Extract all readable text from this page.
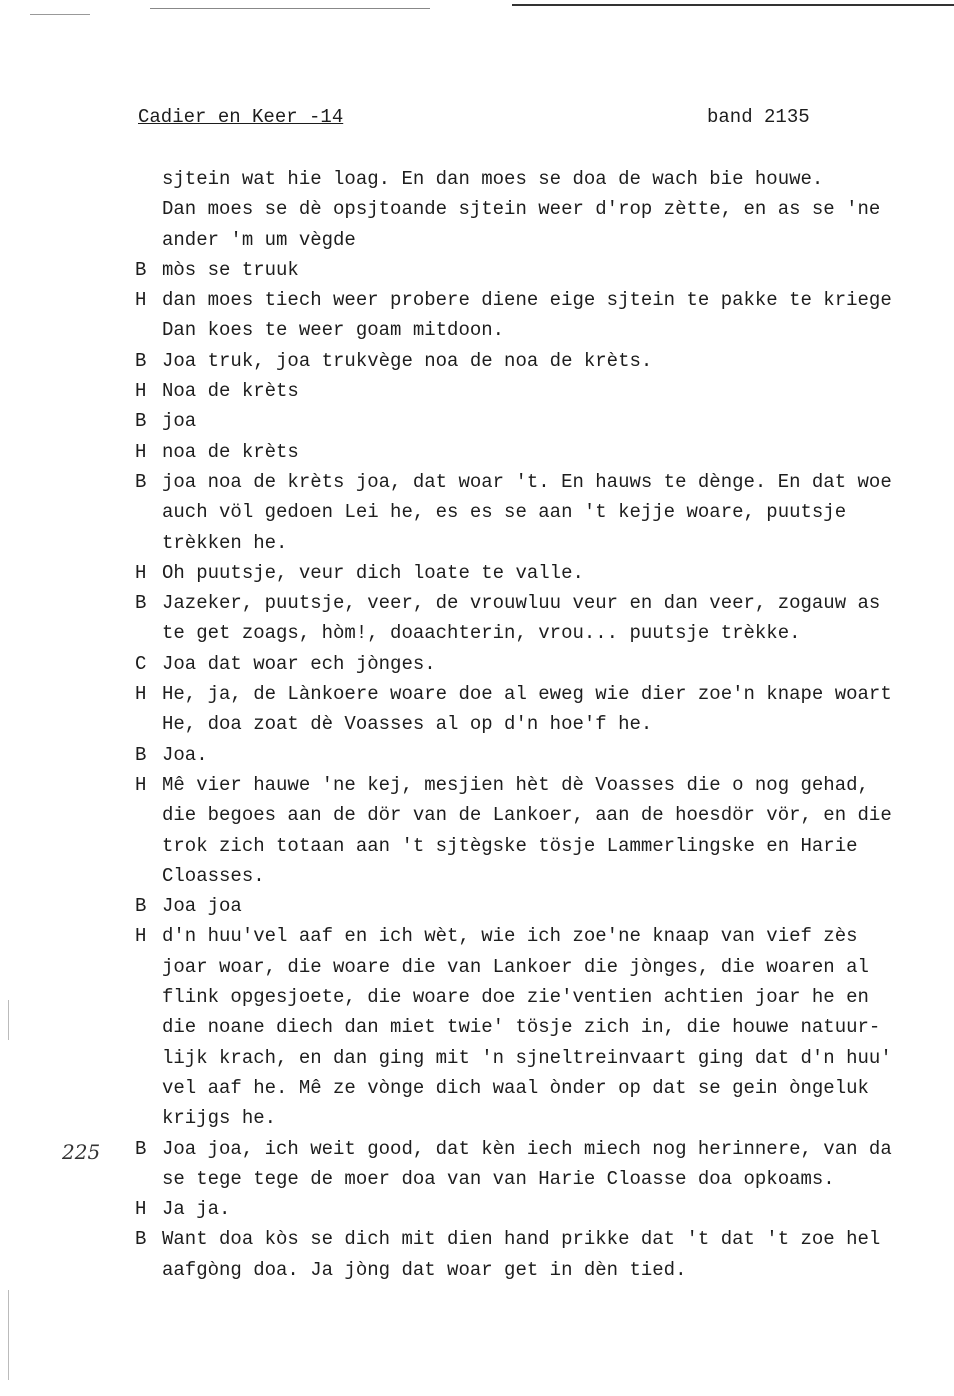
Cadier en Keer -14	band 2135
225
sjtein wat hie loag. En dan moes se doa de wach bie houwe.
Dan moes se dè opsjtoande sjtein weer d'rop zètte, en as se 'ne
ander 'm um vègde
B mòs se truuk
H dan moes tiech weer probere diene eige sjtein te pakke te kriege
Dan koes te weer goam mitdoon.
B Joa truk, joa trukvège noa de noa de krèts.
H Noa de krèts
B joa
H noa de krèts
B joa noa de krèts joa, dat woar 't. En hauws te dènge. En dat woe
auch völ gedoen Lei he, es es se aan 't kejje woare, puutsje
trèkken he.
H Oh puutsje, veur dich loate te valle.
B Jazeker, puutsje, veer, de vrouwluu veur en dan veer, zogauw as
te get zoags, hòm!, doaachterin, vrou... puutsje trèkke.
C Joa dat woar ech jònges.
H He, ja, de Lànkoere woare doe al eweg wie dier zoe'n knape woart
He, doa zoat dè Voasses al op d'n hoe'f he.
B Joa.
H Mê vier hauwe 'ne kej, mesjien hèt dè Voasses die o nog gehad,
die begoes aan de dör van de Lankoer, aan de hoesdör vör, en die
trok zich totaan aan 't sjtègske tösje Lammerlingske en Harie
Cloasses.
B Joa joa
H d'n huu'vel aaf en ich wèt, wie ich zoe'ne knaap van vief zès
joar woar, die woare die van Lankoer die jònges, die woaren al
flink opgesjoete, die woare doe zie'ventien achtien joar he en
die noane diech dan miet twie' tösje zich in, die houwe natuur-
lijk krach, en dan ging mit 'n sjneltreinvaart ging dat d'n huu'
vel aaf he. Mê ze vònge dich waal ònder op dat se gein òngeluk
krijgs he.
B Joa joa, ich weit good, dat kèn iech miech nog herinnere, van da
se tege tege de moer doa van van Harie Cloasse doa opkoams.
H Ja ja.
B Want doa kòs se dich mit dien hand prikke dat 't dat 't zoe hel
aafgòng doa. Ja jòng dat woar get in dèn tied.
